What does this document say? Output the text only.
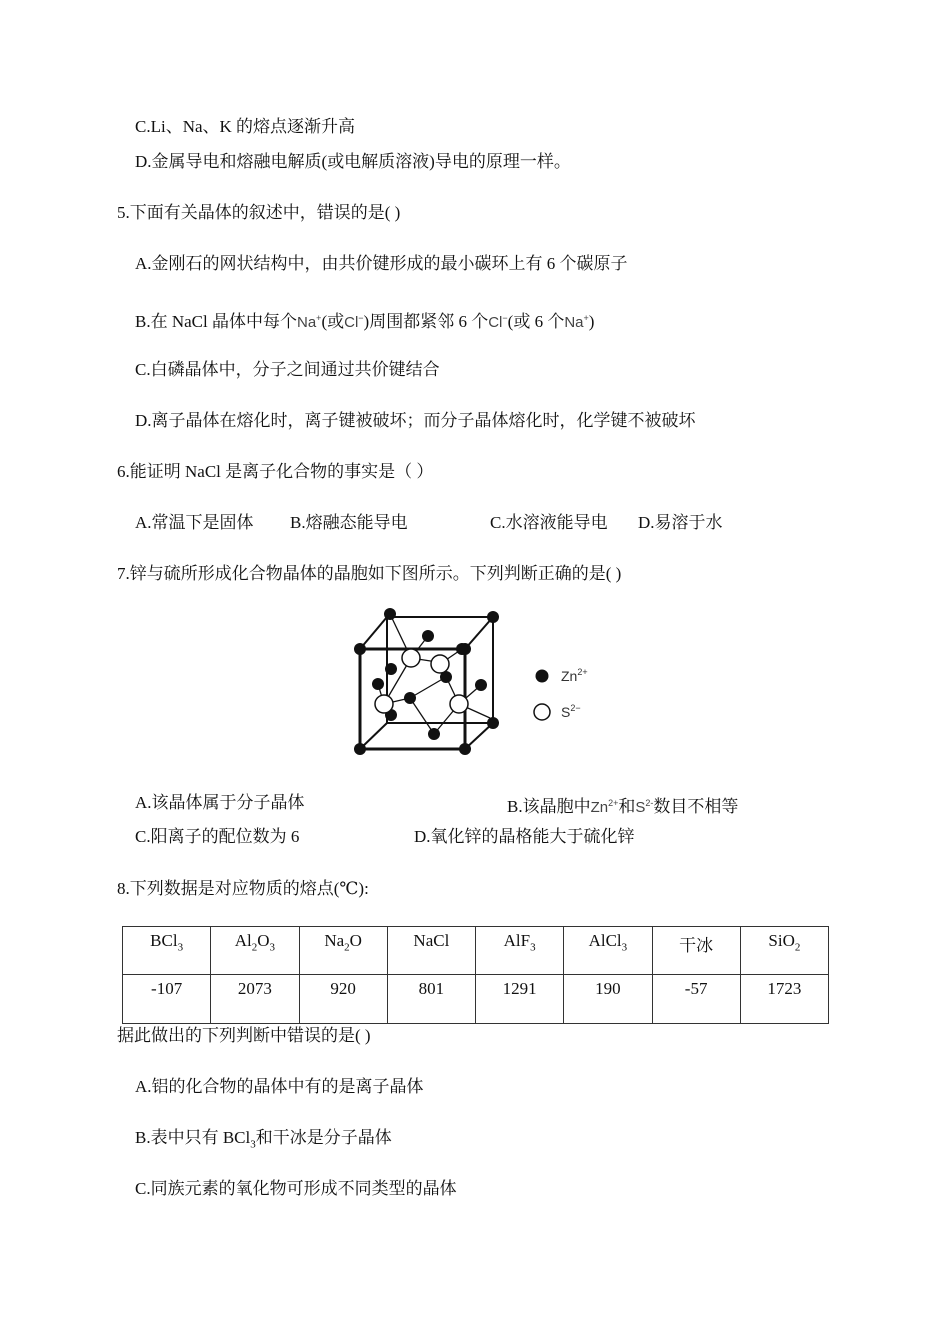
C.Li、Na、K 的熔点逐渐升高
D.金属导电和熔融电解质(或电解质溶液)导电的原理一样。
5.下面有关晶体的叙述中，错误的是( )
A.金刚石的网状结构中，由共价键形成的最小碳环上有 6 个碳原子
B.在 NaCl 晶体中每个Na+(或Cl−)周围都紧邻 6 个Cl−(或 6 个Na+)
C.白磷晶体中，分子之间通过共价键结合
D.离子晶体在熔化时，离子键被破坏；而分子晶体熔化时，化学键不被破坏
6.能证明 NaCl 是离子化合物的事实是（ ）
A.常温下是固体 B.熔融态能导电	C.水溶液能导电 D.易溶于水
7.锌与硫所形成化合物晶体的晶胞如下图所示。下列判断正确的是( )
$Zn^{2+}$
$S^{2-}$
A.该晶体属于分子晶体	B.该晶胞中$Zn^{2+}$和$S^{2-}$数目不相等
C.阳离子的配位数为 6	D.氧化锌的晶格能大于硫化锌
8.下列数据是对应物质的熔点(℃):
BCl$_3$	$Al_2O_3$	$Na_2O$	NaCl	AlF$_3$	AlCl$_3$	干冰	SiO$_2$
-107	2073	920	801	1291	190	-57	1723
据此做出的下列判断中错误的是( )
A.铝的化合物的晶体中有的是离子晶体
B.表中只有 BCl$_3$和干冰是分子晶体
C.同族元素的氧化物可形成不同类型的晶体
